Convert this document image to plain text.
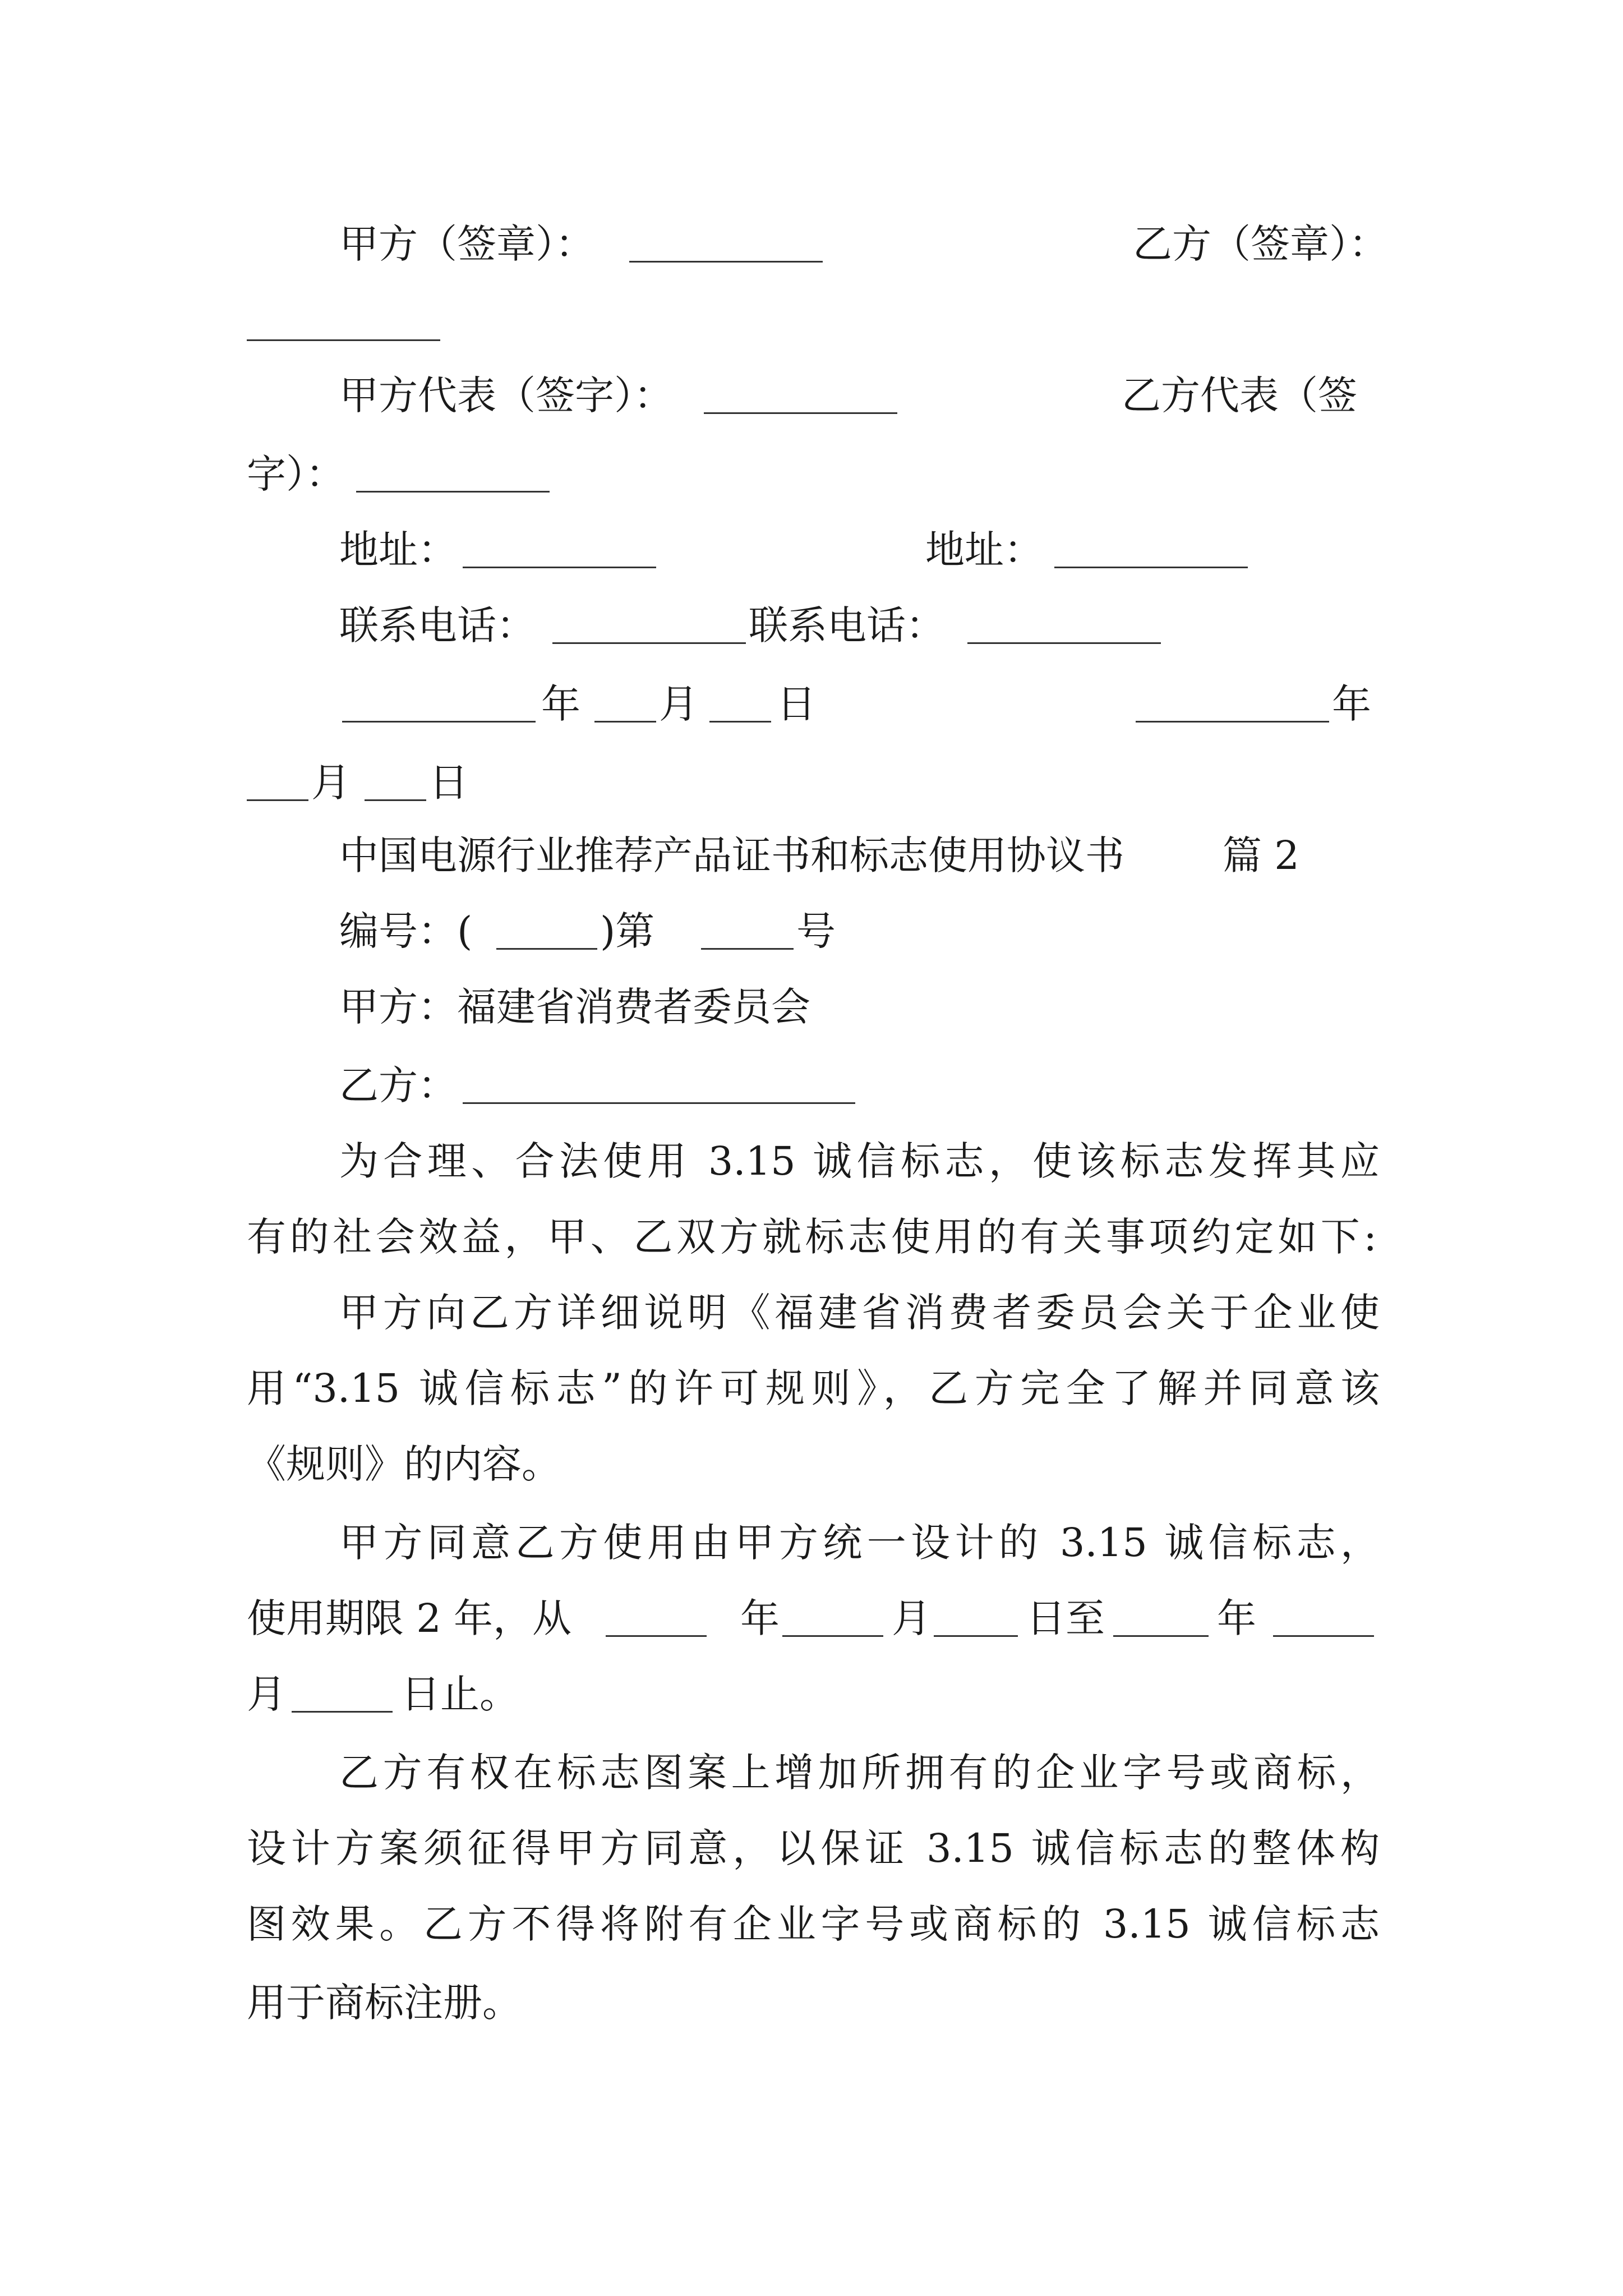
甲方（签章）：	乙方（签章）：
甲方代表（签字）：	乙方代表（签
字）：
地址：	地址：
联系电话：	联系电话：
年 月 日	年
月 日
中国电源行业推荐产品证书和标志使用协议书	篇 2
编号：(	)第	号
甲方：福建省消费者委员会
乙方：
为合理、合法使用 3.15 诚信标志，使该标志发挥其应
有的社会效益，甲、乙双方就标志使用的有关事项约定如下:
甲方向乙方详细说明《福建省消费者委员会关于企业使
用“3.15 诚信标志”的许可规则》，乙方完全了解并同意该
《规则》的内容。
甲方同意乙方使用由甲方统一设计的 3.15 诚信标志，
使用期限 2 年，从	年	月 日至	年
月	日止。
乙方有权在标志图案上增加所拥有的企业字号或商标，
设计方案须征得甲方同意，以保证 3.15 诚信标志的整体构
图效果。乙方不得将附有企业字号或商标的 3.15 诚信标志
用于商标注册。
